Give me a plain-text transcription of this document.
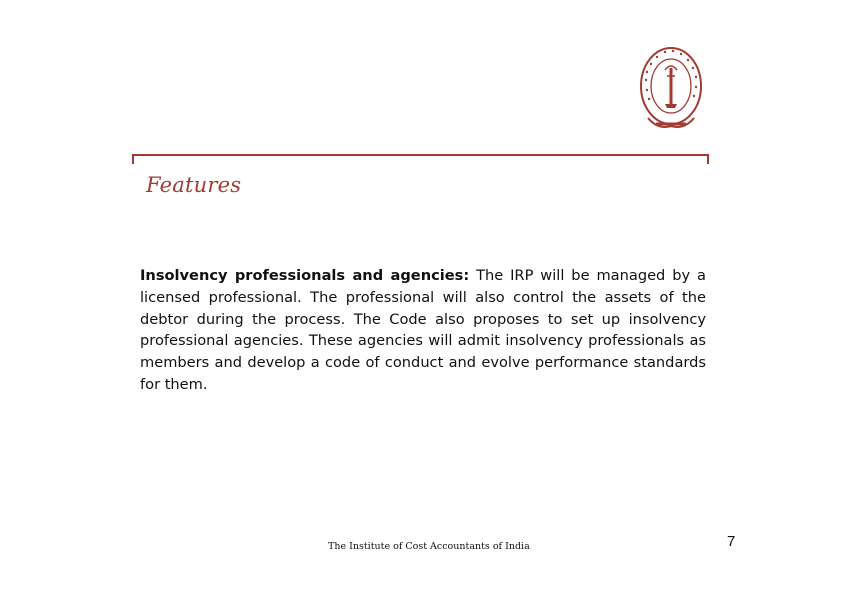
Features
Insolvency professionals and agencies: The IRP will be managed by a licensed professional. The professional will also control the assets of the debtor during the process. The Code also proposes to set up insolvency professional agencies. These agencies will admit insolvency professionals as members and develop a code of conduct and evolve performance standards for them.
The Institute of Cost Accountants of India	7
